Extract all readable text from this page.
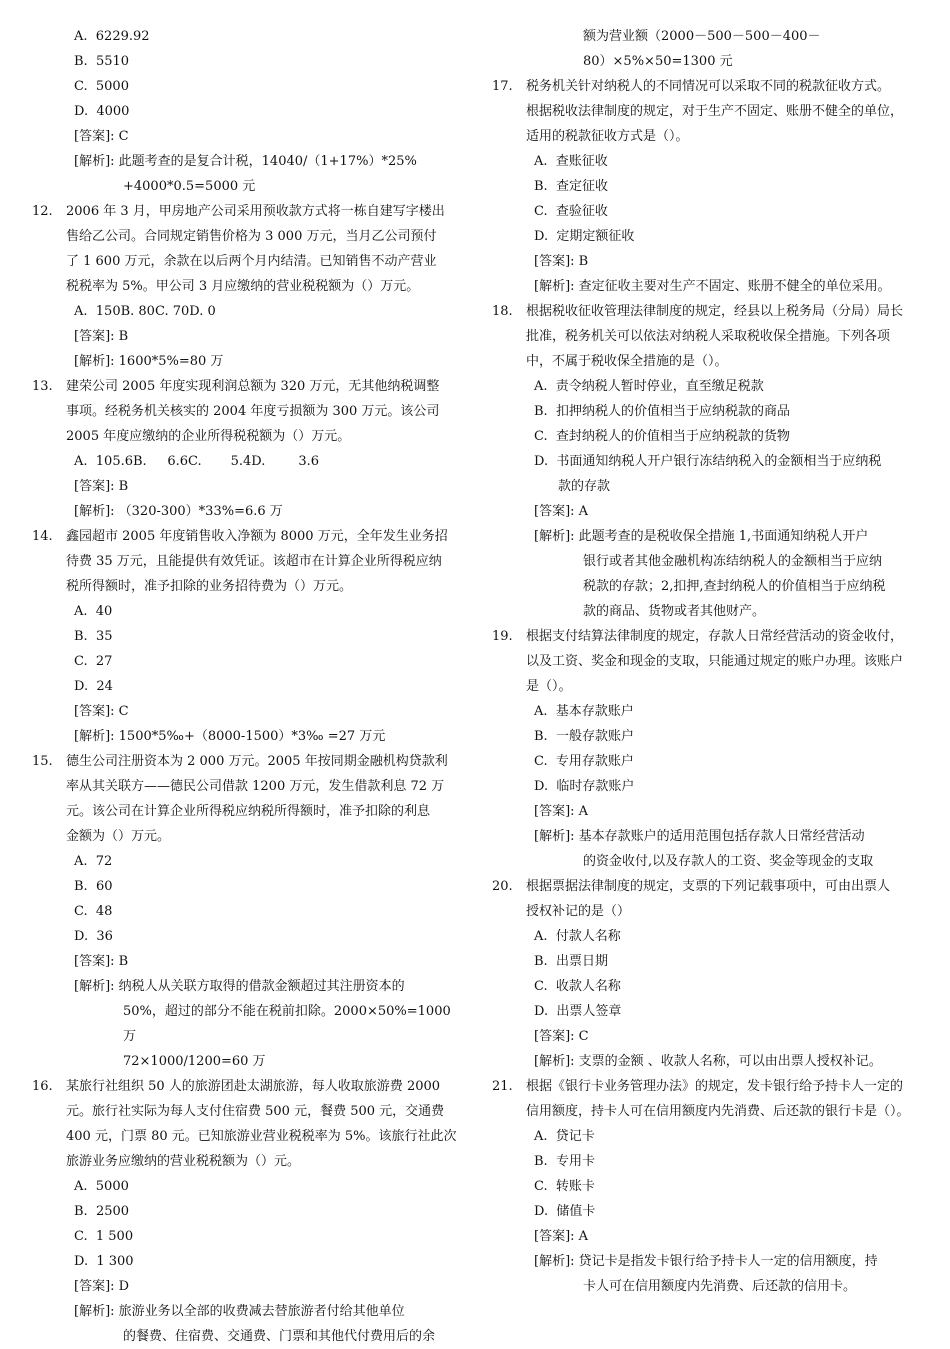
A.  6229.92
B.  5510
C.  5000
D.  4000
[答案]: C
[解析]: 此题考查的是复合计税，14040/（1+17%）*25%
+4000*0.5=5000 元
12. 2006 年 3 月，甲房地产公司采用预收款方式将一栋自建写字楼出
售给乙公司。合同规定销售价格为 3 000 万元，当月乙公司预付
了 1 600 万元，余款在以后两个月内结清。已知销售不动产营业
税税率为 5%。甲公司 3 月应缴纳的营业税税额为（）万元。
A.  150B. 80C. 70D. 0
[答案]: B
[解析]: 1600*5%=80 万
13. 建荣公司 2005 年度实现利润总额为 320 万元，无其他纳税调整
事项。经税务机关核实的 2004 年度亏损额为 300 万元。该公司
2005 年度应缴纳的企业所得税税额为（）万元。
A.  105.6B.     6.6C.       5.4D.        3.6
[答案]: B
[解析]: （320-300）*33%=6.6 万
14. 鑫园超市 2005 年度销售收入净额为 8000 万元，全年发生业务招
待费 35 万元，且能提供有效凭证。该超市在计算企业所得税应纳
税所得额时，准予扣除的业务招待费为（）万元。
A.  40
B.  35
C.  27
D.  24
[答案]: C
[解析]: 1500*5‰+（8000-1500）*3‰ =27 万元
15. 德生公司注册资本为 2 000 万元。2005 年按同期金融机构贷款利
率从其关联方——德民公司借款 1200 万元，发生借款利息 72 万
元。该公司在计算企业所得税应纳税所得额时，准予扣除的利息
金额为（）万元。
A.  72
B.  60
C.  48
D.  36
[答案]: B
[解析]: 纳税人从关联方取得的借款金额超过其注册资本的
50%，超过的部分不能在税前扣除。2000×50%=1000 万
72×1000/1200=60 万
16. 某旅行社组织 50 人的旅游团赴太湖旅游，每人收取旅游费 2000
元。旅行社实际为每人支付住宿费 500 元，餐费 500 元，交通费
400 元，门票 80 元。已知旅游业营业税税率为 5%。该旅行社此次
旅游业务应缴纳的营业税税额为（）元。
A.  5000
B.  2500
C.  1 500
D.  1 300
[答案]: D
[解析]: 旅游业务以全部的收费减去替旅游者付给其他单位
的餐费、住宿费、交通费、门票和其他代付费用后的余
额为营业额（2000－500－500－400－
80）×5%×50=1300 元
17. 税务机关针对纳税人的不同情况可以采取不同的税款征收方式。
根据税收法律制度的规定，对于生产不固定、账册不健全的单位，
适用的税款征收方式是（）。
A.  查账征收
B.  查定征收
C.  查验征收
D.  定期定额征收
[答案]: B
[解析]: 查定征收主要对生产不固定、账册不健全的单位采用。
18. 根据税收征收管理法律制度的规定，经县以上税务局（分局）局长
批准，税务机关可以依法对纳税人采取税收保全措施。下列各项
中，不属于税收保全措施的是（）。
A.  责令纳税人暂时停业，直至缴足税款
B.  扣押纳税人的价值相当于应纳税款的商品
C.  查封纳税人的价值相当于应纳税款的货物
D.  书面通知纳税人开户银行冻结纳税入的金额相当于应纳税
款的存款
[答案]: A
[解析]: 此题考查的是税收保全措施 1,书面通知纳税人开户
银行或者其他金融机构冻结纳税人的金额相当于应纳
税款的存款；2,扣押,查封纳税人的价值相当于应纳税
款的商品、货物或者其他财产。
19. 根据支付结算法律制度的规定，存款人日常经营活动的资金收付，
以及工资、奖金和现金的支取，只能通过规定的账户办理。该账户
是（）。
A.  基本存款账户
B.  一般存款账户
C.  专用存款账户
D.  临时存款账户
[答案]: A
[解析]: 基本存款账户的适用范围包括存款人日常经营活动
的资金收付,以及存款人的工资、奖金等现金的支取
20. 根据票据法律制度的规定，支票的下列记载事项中，可由出票人
授权补记的是（）
A.  付款人名称
B.  出票日期
C.  收款人名称
D.  出票人签章
[答案]: C
[解析]: 支票的金额 、收款人名称，可以由出票人授权补记。
21. 根据《银行卡业务管理办法》的规定，发卡银行给予持卡人一定的
信用额度，持卡人可在信用额度内先消费、后还款的银行卡是（）。
A.  贷记卡
B.  专用卡
C.  转账卡
D.  储值卡
[答案]: A
[解析]: 贷记卡是指发卡银行给予持卡人一定的信用额度，持
卡人可在信用额度内先消费、后还款的信用卡。
